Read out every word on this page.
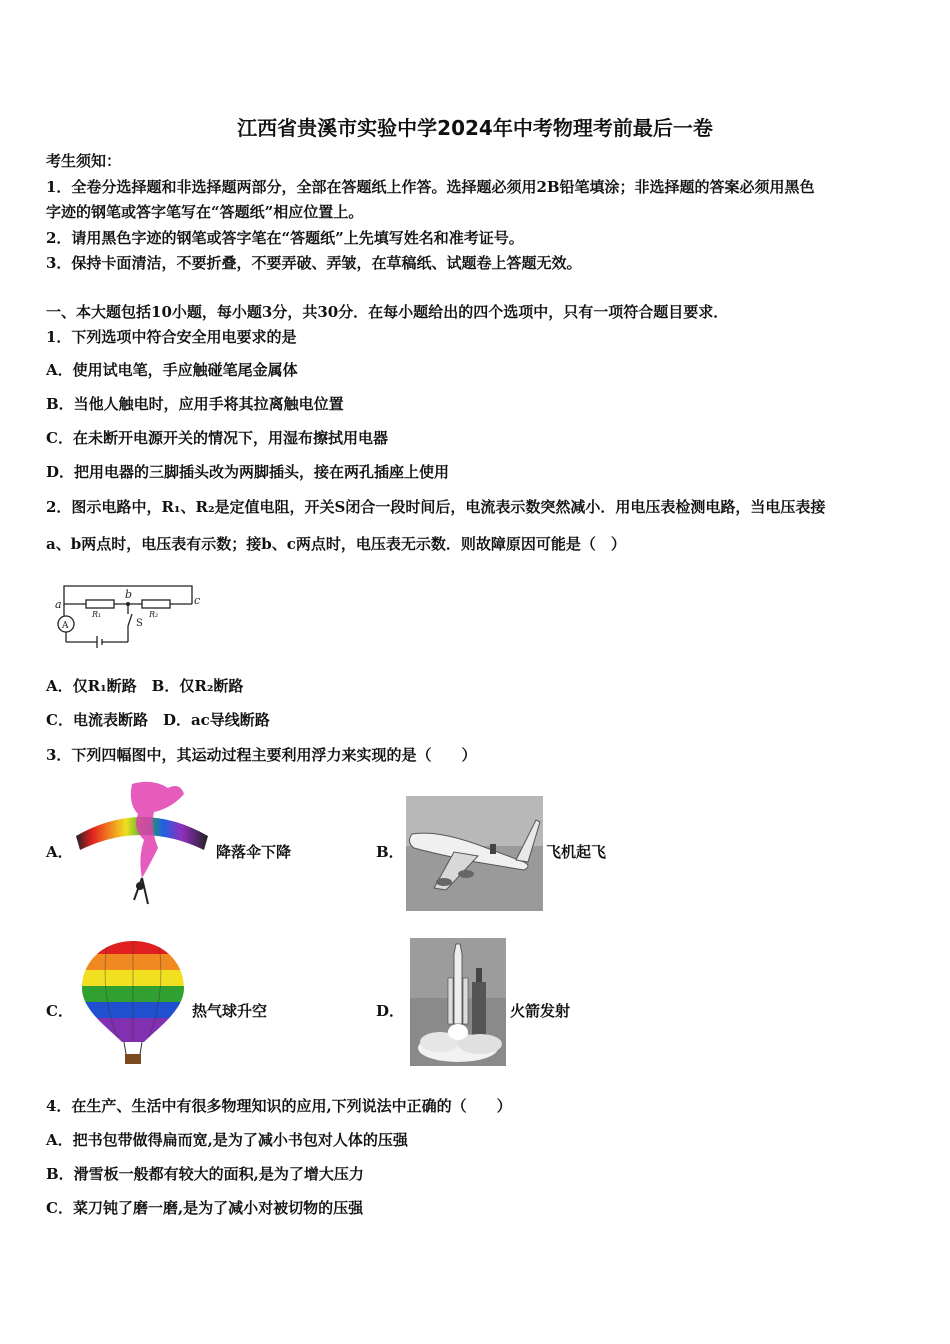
江西省贵溪市实验中学2024年中考物理考前最后一卷
考生须知：
1．全卷分选择题和非选择题两部分，全部在答题纸上作答。选择题必须用2B铅笔填涂；非选择题的答案必须用黑色
字迹的钢笔或答字笔写在“答题纸”相应位置上。
2．请用黑色字迹的钢笔或答字笔在“答题纸”上先填写姓名和准考证号。
3．保持卡面清洁，不要折叠，不要弄破、弄皱，在草稿纸、试题卷上答题无效。
一、本大题包括10小题，每小题3分，共30分．在每小题给出的四个选项中，只有一项符合题目要求．
1．下列选项中符合安全用电要求的是
A．使用试电笔，手应触碰笔尾金属体
B．当他人触电时，应用手将其拉离触电位置
C．在未断开电源开关的情况下，用湿布擦拭用电器
D．把用电器的三脚插头改为两脚插头，接在两孔插座上使用
2．图示电路中，R₁、R₂是定值电阻，开关S闭合一段时间后，电流表示数突然减小．用电压表检测电路，当电压表接
a、b两点时，电压表有示数；接b、c两点时，电压表无示数．则故障原因可能是（　）
a
b	c
R₁	R₂
S
A
A．仅R₁断路　B．仅R₂断路
C．电流表断路　D．ac导线断路
3．下列四幅图中，其运动过程主要利用浮力来实现的是（　　）
A．	降落伞下降	B．	飞机起飞
C．	热气球升空	D．	火箭发射
4．在生产、生活中有很多物理知识的应用,下列说法中正确的（　　）
A．把书包带做得扁而宽,是为了减小书包对人体的压强
B．滑雪板一般都有较大的面积,是为了增大压力
C．菜刀钝了磨一磨,是为了减小对被切物的压强
